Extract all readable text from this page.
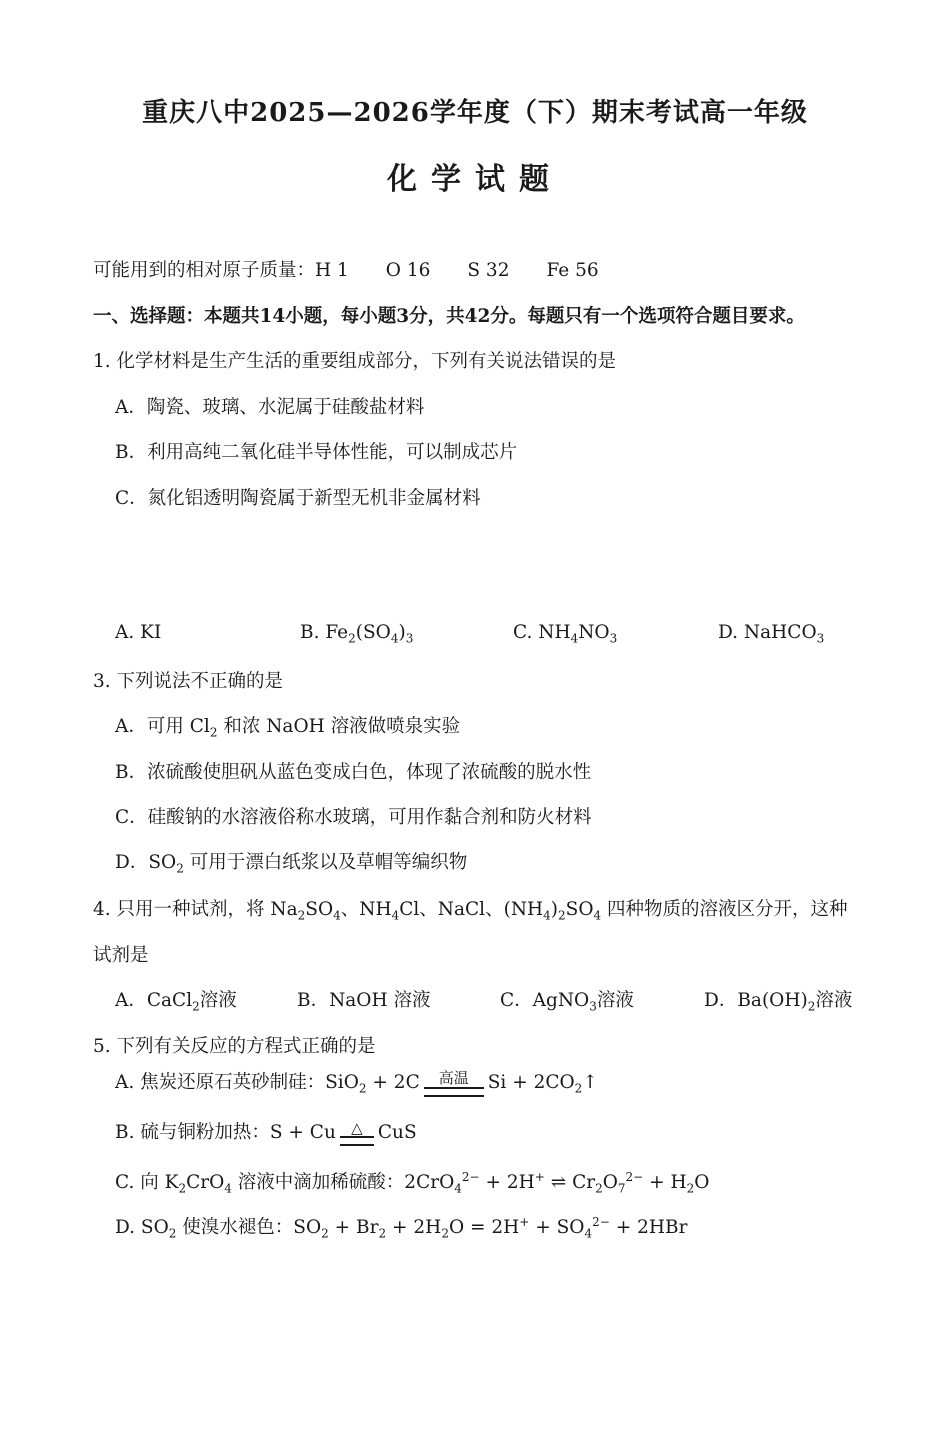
重庆八中2025—2026学年度（下）期末考试高一年级
化学试题
可能用到的相对原子质量：H 1　　O 16　　S 32　　Fe 56
一、选择题：本题共14小题，每小题3分，共42分。每题只有一个选项符合题目要求。
1. 化学材料是生产生活的重要组成部分，下列有关说法错误的是
A．陶瓷、玻璃、水泥属于硅酸盐材料
B．利用高纯二氧化硅半导体性能，可以制成芯片
C．氮化铝透明陶瓷属于新型无机非金属材料
A. KI	B. $Fe_2(SO_4)_3$	C. $NH_4NO_3$	D. NaHCO$_3$
3. 下列说法不正确的是
A．可用 $Cl_2$ 和浓 NaOH 溶液做喷泉实验
B．浓硫酸使胆矾从蓝色变成白色，体现了浓硫酸的脱水性
C．硅酸钠的水溶液俗称水玻璃，可用作黏合剂和防火材料
D．$SO_2$ 可用于漂白纸浆以及草帽等编织物
4. 只用一种试剂，将 $Na_2SO_4$、$NH_4Cl$、NaCl、$(NH_4)_2SO_4$ 四种物质的溶液区分开，这种
试剂是
A．CaCl$_2$溶液	B．NaOH 溶液	C．AgNO$_3$溶液	D．$Ba(OH)_2$溶液
5. 下列有关反应的方程式正确的是
A. 焦炭还原石英砂制硅：SiO$_2$ + 2C	高温	$Si + 2CO_2↑$
B. 硫与铜粉加热：S + Cu	△ CuS
C. 向 $K_2CrO_4$ 溶液中滴加稀硫酸：2CrO$_4^{2-}$ + 2H+ ⇌ $Cr_2O_7^{2-} + H_2O$
D. $SO_2$ 使溴水褪色：$SO_2 + Br_2 + 2H_2O = 2H^+ + SO_4^{2-} + 2HBr$
